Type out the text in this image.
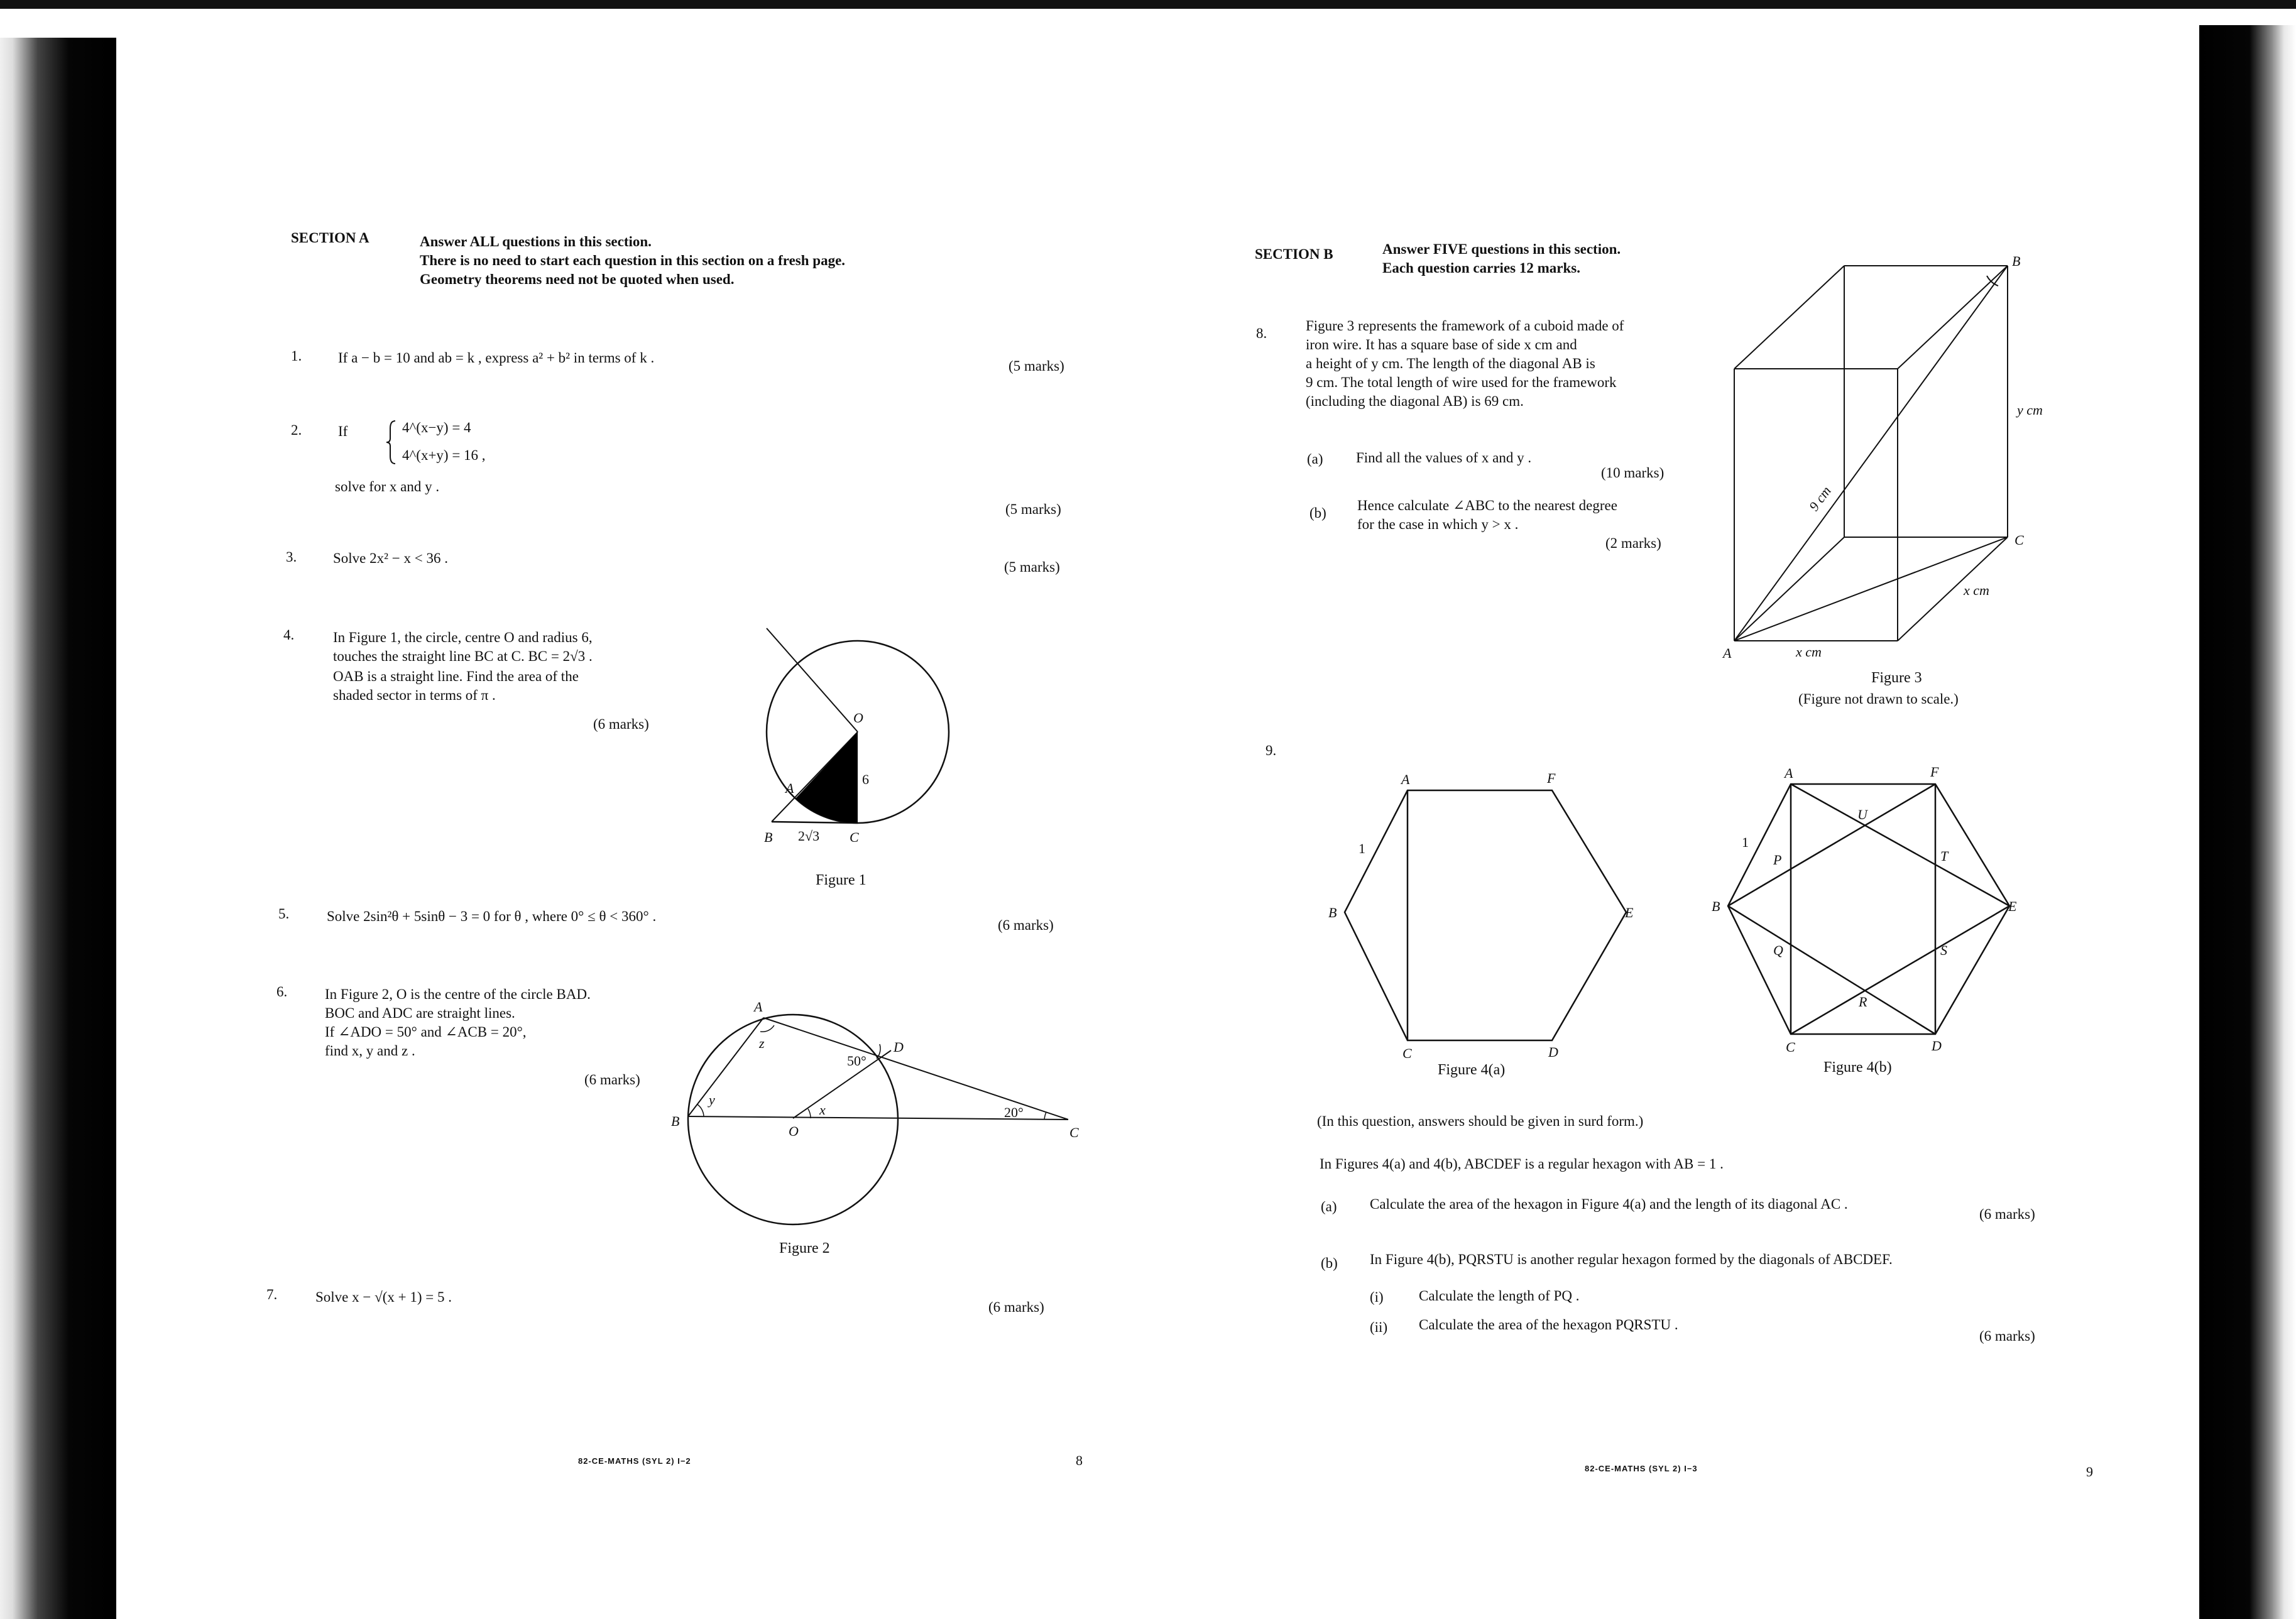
SECTION A	Answer ALL questions in this section.
There is no need to start each question in this section on a fresh page.
Geometry theorems need not be quoted when used.
1.	If a − b = 10 and ab = k , express a² + b² in terms of k .
(5 marks)
2.	If	4^(x−y) = 4
4^(x+y) = 16 ,
solve for x and y .
(5 marks)
3.	Solve 2x² − x < 36 .
(5 marks)
4.	In Figure 1, the circle, centre O and radius 6,
touches the straight line BC at C. BC = 2√3 .
OAB is a straight line. Find the area of the
shaded sector in terms of π .
(6 marks)	O
A
B	C
6
2√3
Figure 1
5.	Solve 2sin²θ + 5sinθ − 3 = 0 for θ , where 0° ≤ θ < 360° .
(6 marks)
6.	In Figure 2, O is the centre of the circle BAD.
BOC and ADC are straight lines.
If ∠ADO = 50° and ∠ACB = 20°,
find x, y and z .
(6 marks)
A
B
C
D
O
x
y
z
50°
20°
Figure 2
7.	Solve x − √(x + 1) = 5 .
(6 marks)
82-CE-MATHS (SYL 2) I−2	8
SECTION B	Answer FIVE questions in this section.
Each question carries 12 marks.
8.	Figure 3 represents the framework of a cuboid made of
iron wire. It has a square base of side x cm and
a height of y cm. The length of the diagonal AB is
9 cm. The total length of wire used for the framework
(including the diagonal AB) is 69 cm.
(a) Find all the values of x and y .
(10 marks)
(b) Hence calculate ∠ABC to the nearest degree
for the case in which y > x .
(2 marks)
B
A
C
y cm
x cm
x cm
9 cm
Figure 3
(Figure not drawn to scale.)
9.
A	F
B	E
C	D
1
Figure 4(a)
A	F
B	E
C	D
P
Q
R
S
T
U
1
Figure 4(b)
(In this question, answers should be given in surd form.)
In Figures 4(a) and 4(b), ABCDEF is a regular hexagon with AB = 1 .
(a) Calculate the area of the hexagon in Figure 4(a) and the length of its diagonal AC .
(6 marks)
(b) In Figure 4(b), PQRSTU is another regular hexagon formed by the diagonals of ABCDEF.
(i) Calculate the length of PQ .
(ii) Calculate the area of the hexagon PQRSTU .
(6 marks)
82-CE-MATHS (SYL 2) I−3	9
